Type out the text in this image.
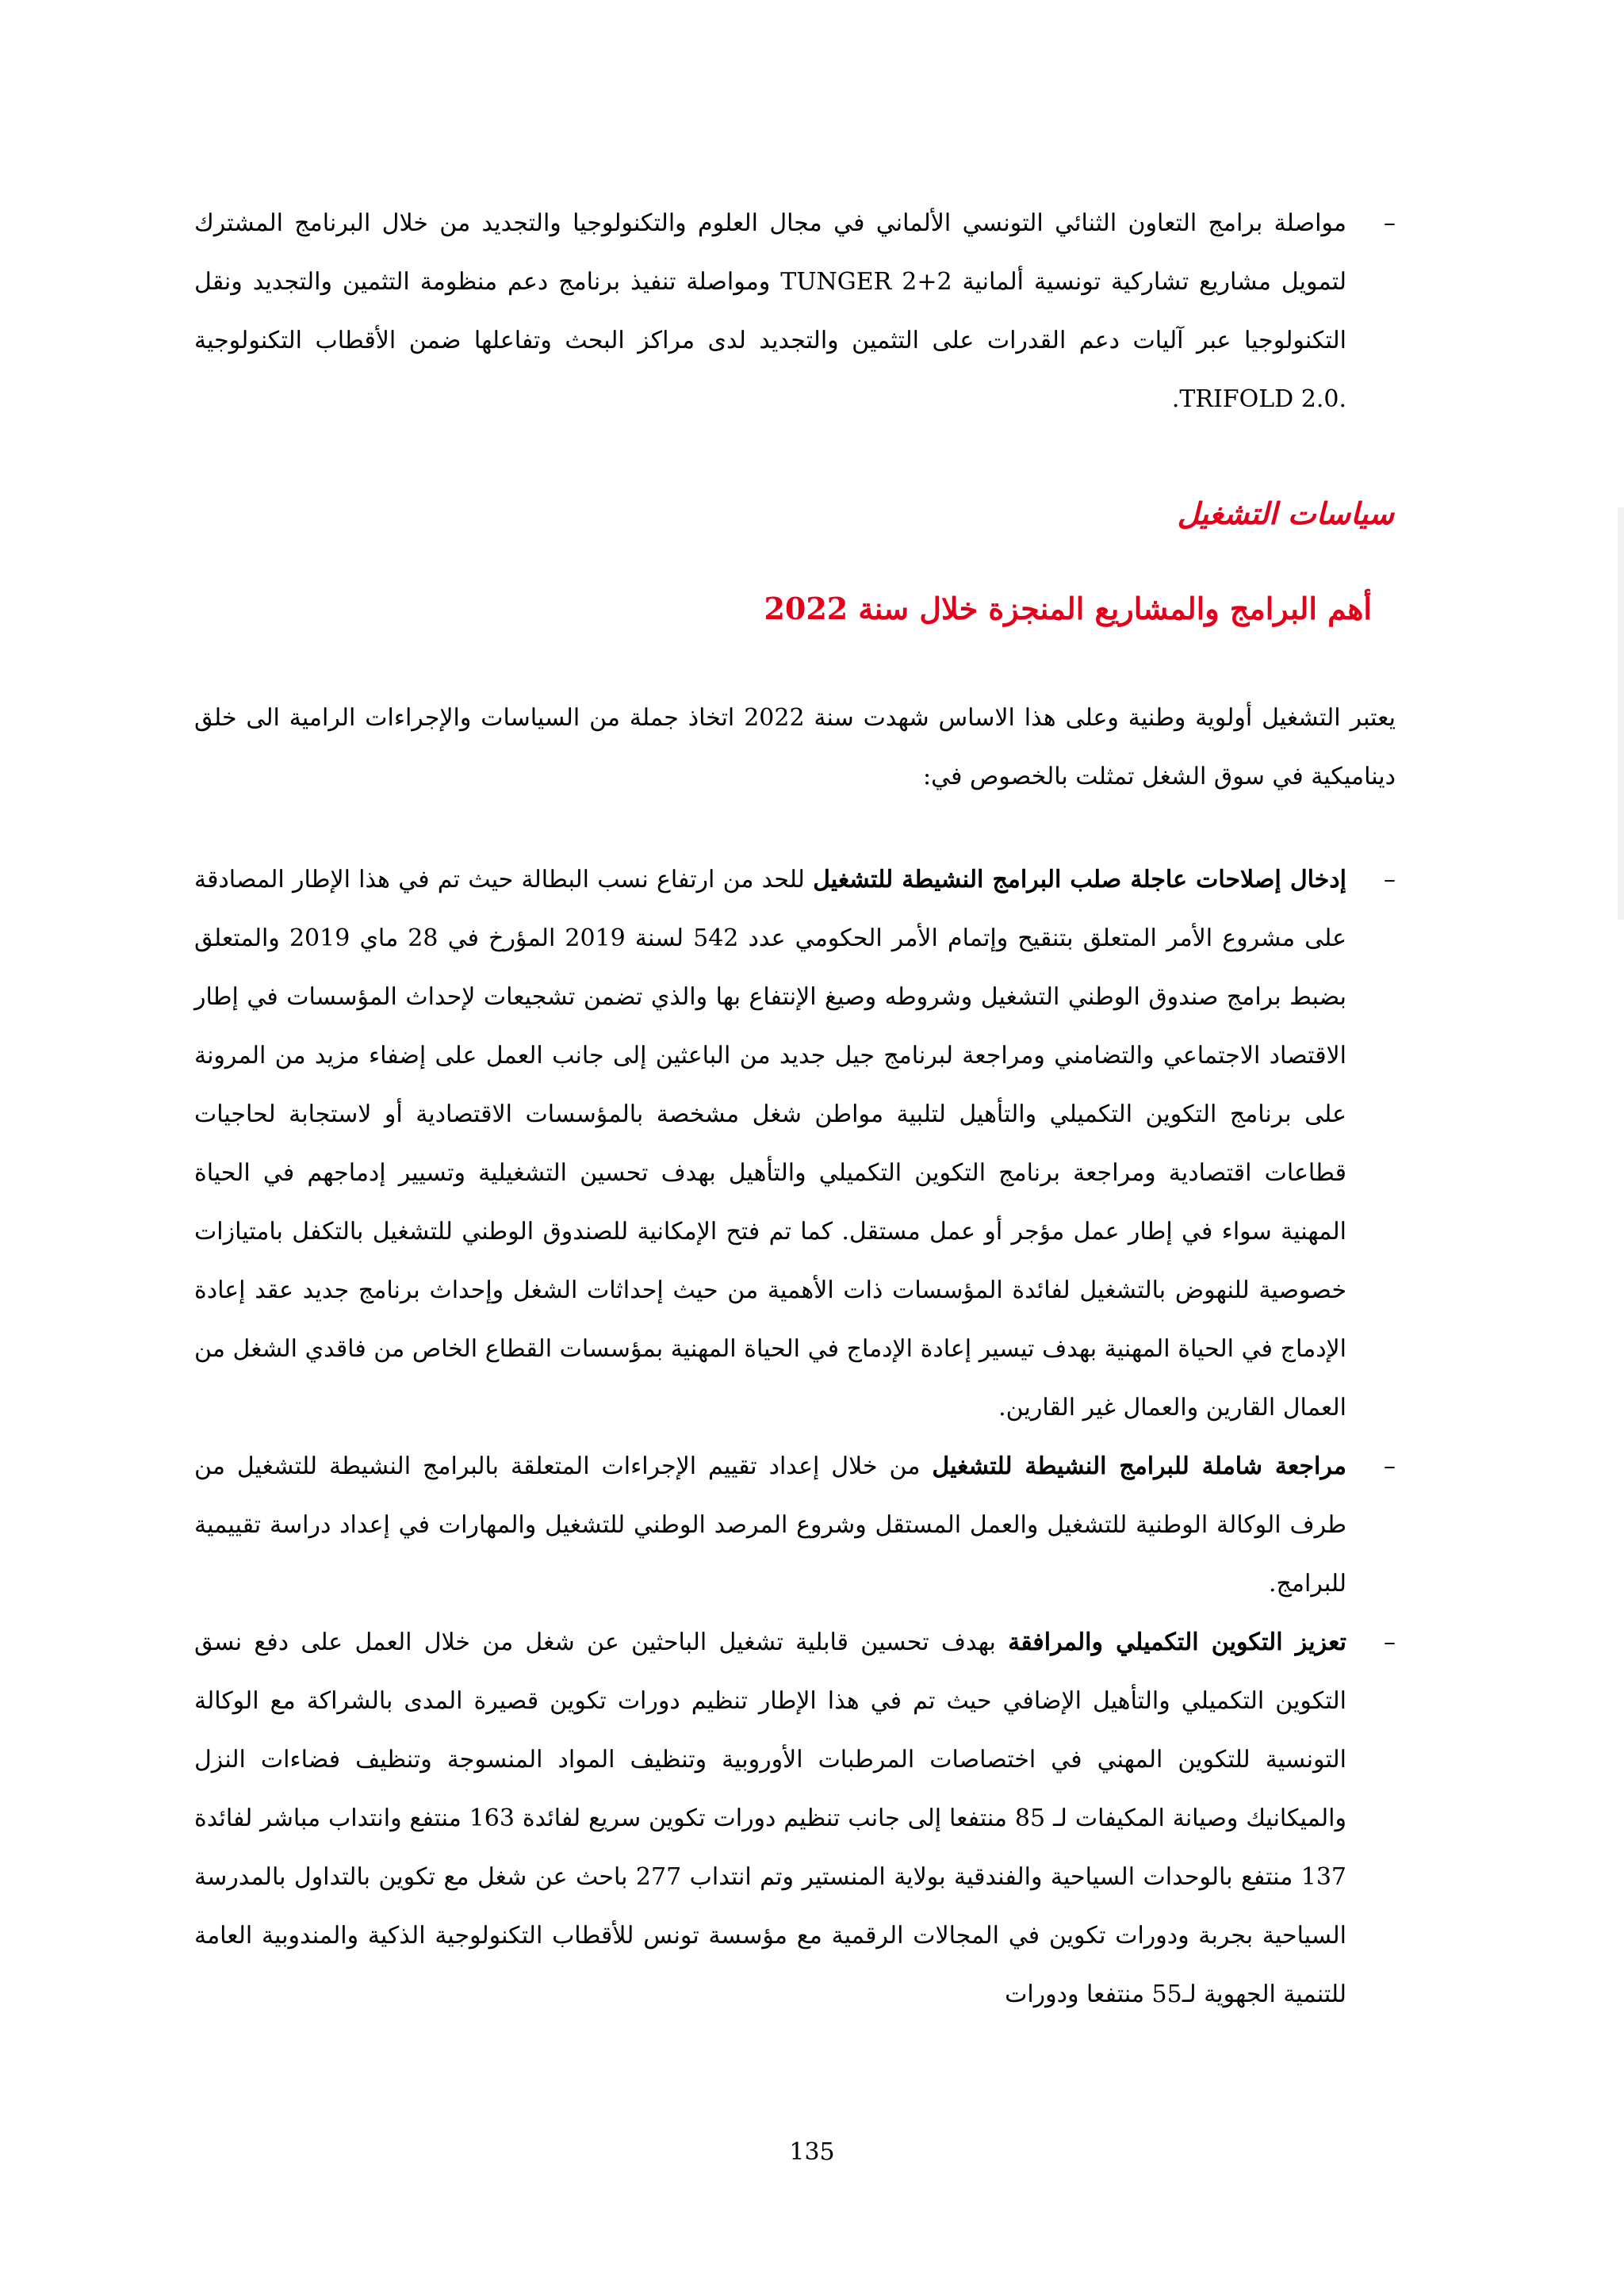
–
مواصلة برامج التعاون الثنائي التونسي الألماني في مجال العلوم والتكنولوجيا والتجديد من خلال البرنامج المشترك لتمويل مشاريع تشاركية تونسية ألمانية TUNGER 2+2 ومواصلة تنفيذ برنامج دعم منظومة التثمين والتجديد ونقل التكنولوجيا عبر آليات دعم القدرات على التثمين والتجديد لدى مراكز البحث وتفاعلها ضمن الأقطاب التكنولوجية .TRIFOLD 2.0.

سياسات التشغيل
أهم البرامج والمشاريع المنجزة خلال سنة 2022

يعتبر التشغيل أولوية وطنية وعلى هذا الاساس شهدت سنة 2022 اتخاذ جملة من السياسات والإجراءات الرامية الى خلق ديناميكية في سوق الشغل تمثلت بالخصوص في:

–
إدخال إصلاحات عاجلة صلب البرامج النشيطة للتشغيل للحد من ارتفاع نسب البطالة حيث تم في هذا الإطار المصادقة على مشروع الأمر المتعلق بتنقيح وإتمام الأمر الحكومي عدد 542 لسنة 2019 المؤرخ في 28 ماي 2019 والمتعلق بضبط برامج صندوق الوطني التشغيل وشروطه وصيغ الإنتفاع بها والذي تضمن تشجيعات لإحداث المؤسسات في إطار الاقتصاد الاجتماعي والتضامني ومراجعة لبرنامج جيل جديد من الباعثين إلى جانب العمل على إضفاء مزيد من المرونة على برنامج التكوين التكميلي والتأهيل لتلبية مواطن شغل مشخصة بالمؤسسات الاقتصادية أو لاستجابة لحاجيات قطاعات اقتصادية ومراجعة برنامج التكوين التكميلي والتأهيل بهدف تحسين التشغيلية وتسيير إدماجهم في الحياة المهنية سواء في إطار عمل مؤجر أو عمل مستقل. كما تم فتح الإمكانية للصندوق الوطني للتشغيل بالتكفل بامتيازات خصوصية للنهوض بالتشغيل لفائدة المؤسسات ذات الأهمية من حيث إحداثات الشغل وإحداث برنامج جديد عقد إعادة الإدماج في الحياة المهنية بهدف تيسير إعادة الإدماج في الحياة المهنية بمؤسسات القطاع الخاص من فاقدي الشغل من العمال القارين والعمال غير القارين.

–
مراجعة شاملة للبرامج النشيطة للتشغيل من خلال إعداد تقييم الإجراءات المتعلقة بالبرامج النشيطة للتشغيل من طرف الوكالة الوطنية للتشغيل والعمل المستقل وشروع المرصد الوطني للتشغيل والمهارات في إعداد دراسة تقييمية للبرامج.

–
تعزيز التكوين التكميلي والمرافقة بهدف تحسين قابلية تشغيل الباحثين عن شغل من خلال العمل على دفع نسق التكوين التكميلي والتأهيل الإضافي حيث تم في هذا الإطار تنظيم دورات تكوين قصيرة المدى بالشراكة مع الوكالة التونسية للتكوين المهني في اختصاصات المرطبات الأوروبية وتنظيف المواد المنسوجة وتنظيف فضاءات النزل والميكانيك وصيانة المكيفات لـ 85 منتفعا إلى جانب تنظيم دورات تكوين سريع لفائدة 163 منتفع وانتداب مباشر لفائدة 137 منتفع بالوحدات السياحية والفندقية بولاية المنستير وتم انتداب 277 باحث عن شغل مع تكوين بالتداول بالمدرسة السياحية بجربة ودورات تكوين في المجالات الرقمية مع مؤسسة تونس للأقطاب التكنولوجية الذكية والمندوبية العامة للتنمية الجهوية لـ55 منتفعا ودورات

135
